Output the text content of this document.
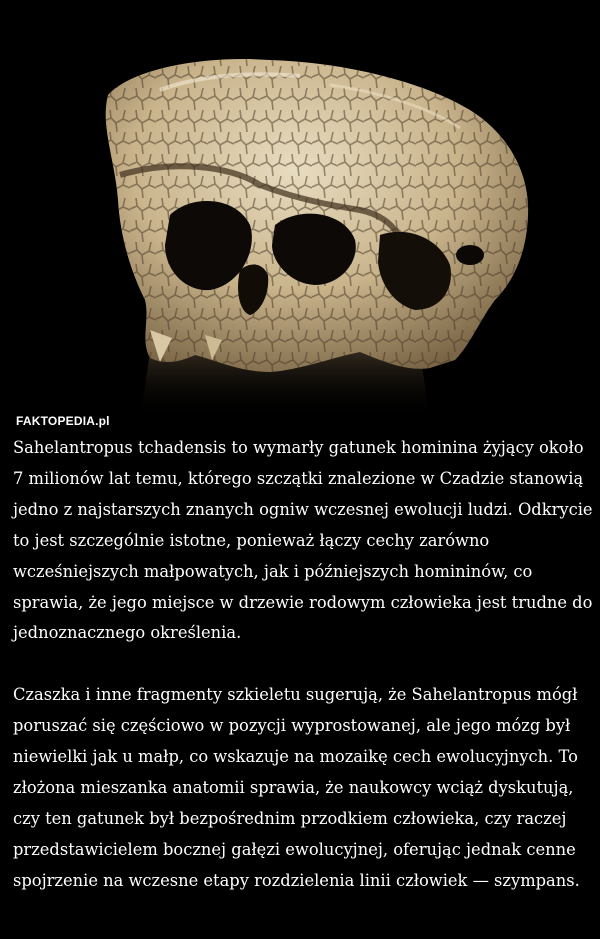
FAKTOPEDIA.pl

Sahelantropus tchadensis to wymarły gatunek hominina żyjący około 7 milionów lat temu, którego szczątki znalezione w Czadzie stanowią jedno z najstarszych znanych ogniw wczesnej ewolucji ludzi. Odkrycie to jest szczególnie istotne, ponieważ łączy cechy zarówno wcześniejszych małpowatych, jak i późniejszych homininów, co sprawia, że jego miejsce w drzewie rodowym człowieka jest trudne do jednoznacznego określenia.

Czaszka i inne fragmenty szkieletu sugerują, że Sahelantropus mógł poruszać się częściowo w pozycji wyprostowanej, ale jego mózg był niewielki jak u małp, co wskazuje na mozaikę cech ewolucyjnych. To złożona mieszanka anatomii sprawia, że naukowcy wciąż dyskutują, czy ten gatunek był bezpośrednim przodkiem człowieka, czy raczej przedstawicielem bocznej gałęzi ewolucyjnej, oferując jednak cenne spojrzenie na wczesne etapy rozdzielenia linii człowiek — szympans.
